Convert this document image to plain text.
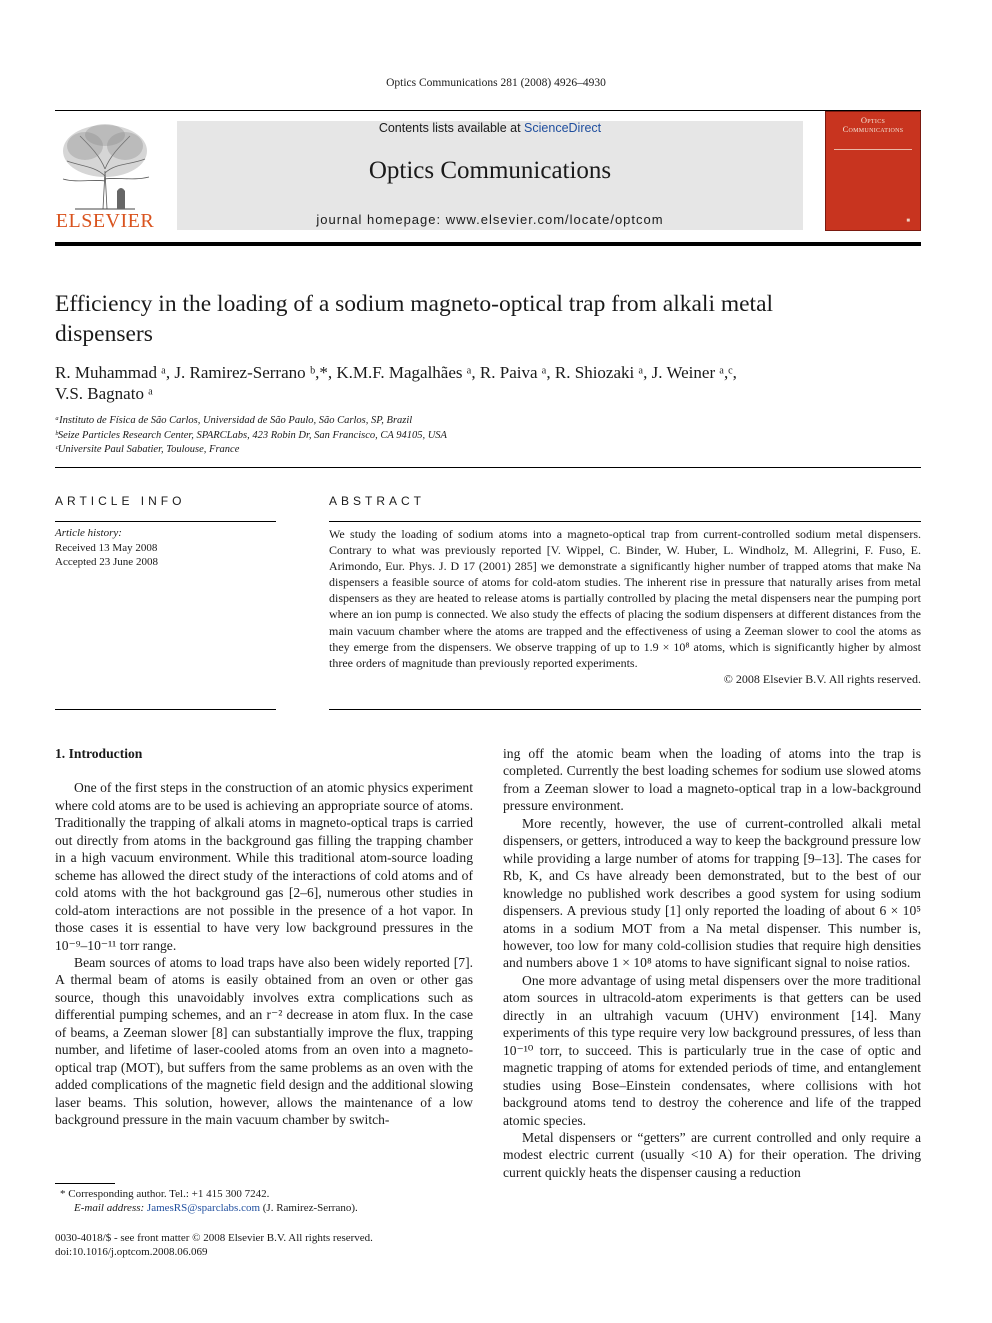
Optics Communications 281 (2008) 4926–4930
ELSEVIER
Contents lists available at ScienceDirect
Optics Communications
journal homepage: www.elsevier.com/locate/optcom
Optics
Communications
■
Efficiency in the loading of a sodium magneto-optical trap from alkali metal dispensers
R. Muhammad ᵃ, J. Ramirez-Serrano ᵇ,*, K.M.F. Magalhães ᵃ, R. Paiva ᵃ, R. Shiozaki ᵃ, J. Weiner ᵃ,ᶜ,
V.S. Bagnato ᵃ
ᵃInstituto de Física de São Carlos, Universidad de São Paulo, São Carlos, SP, Brazil
ᵇSeize Particles Research Center, SPARCLabs, 423 Robin Dr, San Francisco, CA 94105, USA
ᶜUniversite Paul Sabatier, Toulouse, France
ARTICLE INFO
Article history:
Received 13 May 2008
Accepted 23 June 2008
ABSTRACT
We study the loading of sodium atoms into a magneto-optical trap from current-controlled sodium metal dispensers. Contrary to what was previously reported [V. Wippel, C. Binder, W. Huber, L. Windholz, M. Allegrini, F. Fuso, E. Arimondo, Eur. Phys. J. D 17 (2001) 285] we demonstrate a significantly higher number of trapped atoms that make Na dispensers a feasible source of atoms for cold-atom studies. The inherent rise in pressure that naturally arises from metal dispensers as they are heated to release atoms is partially controlled by placing the metal dispensers near the pumping port where an ion pump is connected. We also study the effects of placing the sodium dispensers at different distances from the main vacuum chamber where the atoms are trapped and the effectiveness of using a Zeeman slower to cool the atoms as they emerge from the dispensers. We observe trapping of up to 1.9 × 10⁸ atoms, which is significantly higher by almost three orders of magnitude than previously reported experiments.
© 2008 Elsevier B.V. All rights reserved.
1. Introduction

One of the first steps in the construction of an atomic physics experiment where cold atoms are to be used is achieving an appropriate source of atoms. Traditionally the trapping of alkali atoms in magneto-optical traps is carried out directly from atoms in the background gas filling the trapping chamber in a high vacuum environment. While this traditional atom-source loading scheme has allowed the direct study of the interactions of cold atoms and of cold atoms with the hot background gas [2–6], numerous other studies in cold-atom interactions are not possible in the presence of a hot vapor. In those cases it is essential to have very low background pressures in the 10⁻⁹–10⁻¹¹ torr range.

Beam sources of atoms to load traps have also been widely reported [7]. A thermal beam of atoms is easily obtained from an oven or other gas source, though this unavoidably involves extra complications such as differential pumping schemes, and an r⁻² decrease in atom flux. In the case of beams, a Zeeman slower [8] can substantially improve the flux, trapping number, and lifetime of laser-cooled atoms from an oven into a magneto-optical trap (MOT), but suffers from the same problems as an oven with the added complications of the magnetic field design and the additional slowing laser beams. This solution, however, allows the maintenance of a low background pressure in the main vacuum chamber by switch-

ing off the atomic beam when the loading of atoms into the trap is completed. Currently the best loading schemes for sodium use slowed atoms from a Zeeman slower to load a magneto-optical trap in a low-background pressure environment.

More recently, however, the use of current-controlled alkali metal dispensers, or getters, introduced a way to keep the background pressure low while providing a large number of atoms for trapping [9–13]. The cases for Rb, K, and Cs have already been demonstrated, but to the best of our knowledge no published work describes a good system for using sodium dispensers. A previous study [1] only reported the loading of about 6 × 10⁵ atoms in a sodium MOT from a Na metal dispenser. This number is, however, too low for many cold-collision studies that require high densities and numbers above 1 × 10⁸ atoms to have significant signal to noise ratios.

One more advantage of using metal dispensers over the more traditional atom sources in ultracold-atom experiments is that getters can be used directly in an ultrahigh vacuum (UHV) environment [14]. Many experiments of this type require very low background pressures, of less than 10⁻¹⁰ torr, to succeed. This is particularly true in the case of optic and magnetic trapping of atoms for extended periods of time, and entanglement studies using Bose–Einstein condensates, where collisions with hot background atoms tend to destroy the coherence and life of the trapped atomic species.

Metal dispensers or “getters” are current controlled and only require a modest electric current (usually <10 A) for their operation. The driving current quickly heats the dispenser causing a reduction

* Corresponding author. Tel.: +1 415 300 7242.
E-mail address: JamesRS@sparclabs.com (J. Ramirez-Serrano).
0030-4018/$ - see front matter © 2008 Elsevier B.V. All rights reserved.
doi:10.1016/j.optcom.2008.06.069
